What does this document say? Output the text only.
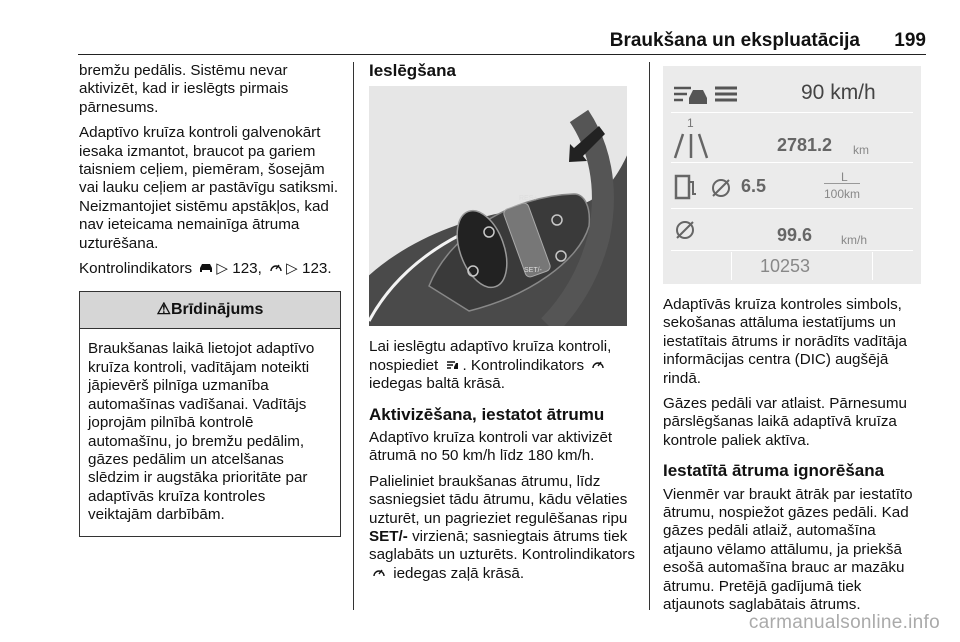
Braukšana un ekspluatācija 199

bremžu pedālis. Sistēmu nevar aktivizēt, kad ir ieslēgts pirmais pārnesums.

Adaptīvo kruīza kontroli galvenokārt iesaka izmantot, braucot pa gariem taisniem ceļiem, piemēram, šosejām vai lauku ceļiem ar pastāvīgu satiksmi. Neizmantojiet sistēmu apstākļos, kad nav ieteicama nemainīga ātruma uzturēšana.

Kontrolindikators ▷ 123, ▷ 123.

⚠Brīdinājums
Braukšanas laikā lietojot adaptīvo kruīza kontroli, vadītājam noteikti jāpievērš pilnīga uzmanība automašīnas vadīšanai. Vadītājs joprojām pilnībā kontrolē automašīnu, jo bremžu pedālim, gāzes pedālim un atcelšanas slēdzim ir augstāka prioritāte par adaptīvās kruīza kontroles veiktajām darbībām.
Ieslēgšana
RES+
SET/-

Lai ieslēgtu adaptīvo kruīza kontroli, nospiediet . Kontrolindikators  iedegas baltā krāsā.

Aktivizēšana, iestatot ātrumu

Adaptīvo kruīza kontroli var aktivizēt ātrumā no 50 km/h līdz 180 km/h.

Palieliniet braukšanas ātrumu, līdz sasniegsiet tādu ātrumu, kādu vēlaties uzturēt, un pagrieziet regulēšanas ripu SET/- virzienā; sasniegtais ātrums tiek saglabāts un uzturēts. Kontrolindikators  iedegas zaļā krāsā.

90 km/h
1
2781.2 km
6.5	L
100km
99.6 km/h
10253

Adaptīvās kruīza kontroles simbols, sekošanas attāluma iestatījums un iestatītais ātrums ir norādīts vadītāja informācijas centra (DIC) augšējā rindā.

Gāzes pedāli var atlaist. Pārnesumu pārslēgšanas laikā adaptīvā kruīza kontrole paliek aktīva.

Iestatītā ātruma ignorēšana

Vienmēr var braukt ātrāk par iestatīto ātrumu, nospiežot gāzes pedāli. Kad gāzes pedāli atlaiž, automašīna atjauno vēlamo attālumu, ja priekšā esošā automašīna brauc ar mazāku ātrumu. Pretējā gadījumā tiek atjaunots saglabātais ātrums.

carmanualsonline.info
